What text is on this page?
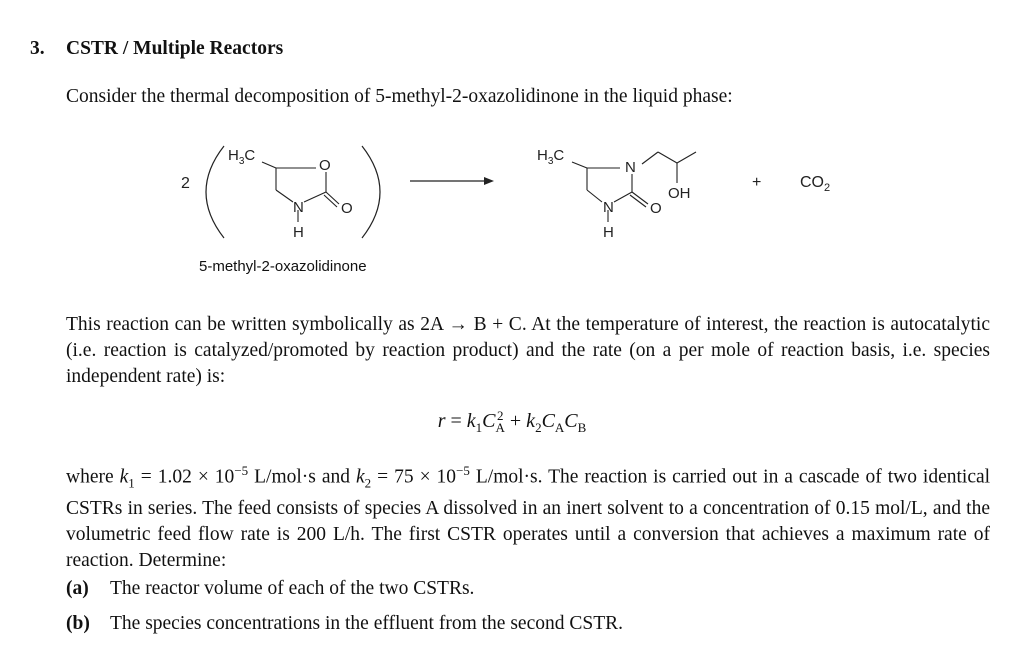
3. CSTR / Multiple Reactors
Consider the thermal decomposition of 5-methyl-2-oxazolidinone in the liquid phase:
2
$H_3C$
O
O
N
H
$H_3C$
N
N
H
O
OH
+ $CO_2$
5-methyl-2-oxazolidinone
This reaction can be written symbolically as 2A → B + C. At the temperature of interest, the reaction is autocatalytic (i.e. reaction is catalyzed/promoted by reaction product) and the rate (on a per mole of reaction basis, i.e. species independent rate) is:
$r = k_1C$ 2
$A + k_2C_AC_B$
where $k_1 = 1.02 \times 10^{-5}$ L/mol·s and $k_2 = 75 \times 10^{-5}$ L/mol·s. The reaction is carried out in a cascade of two identical CSTRs in series. The feed consists of species A dissolved in an inert solvent to a concentration of 0.15 mol/L, and the volumetric feed flow rate is 200 L/h. The first CSTR operates until a conversion that achieves a maximum rate of reaction. Determine:
(a) The reactor volume of each of the two CSTRs.
(b) The species concentrations in the effluent from the second CSTR.
